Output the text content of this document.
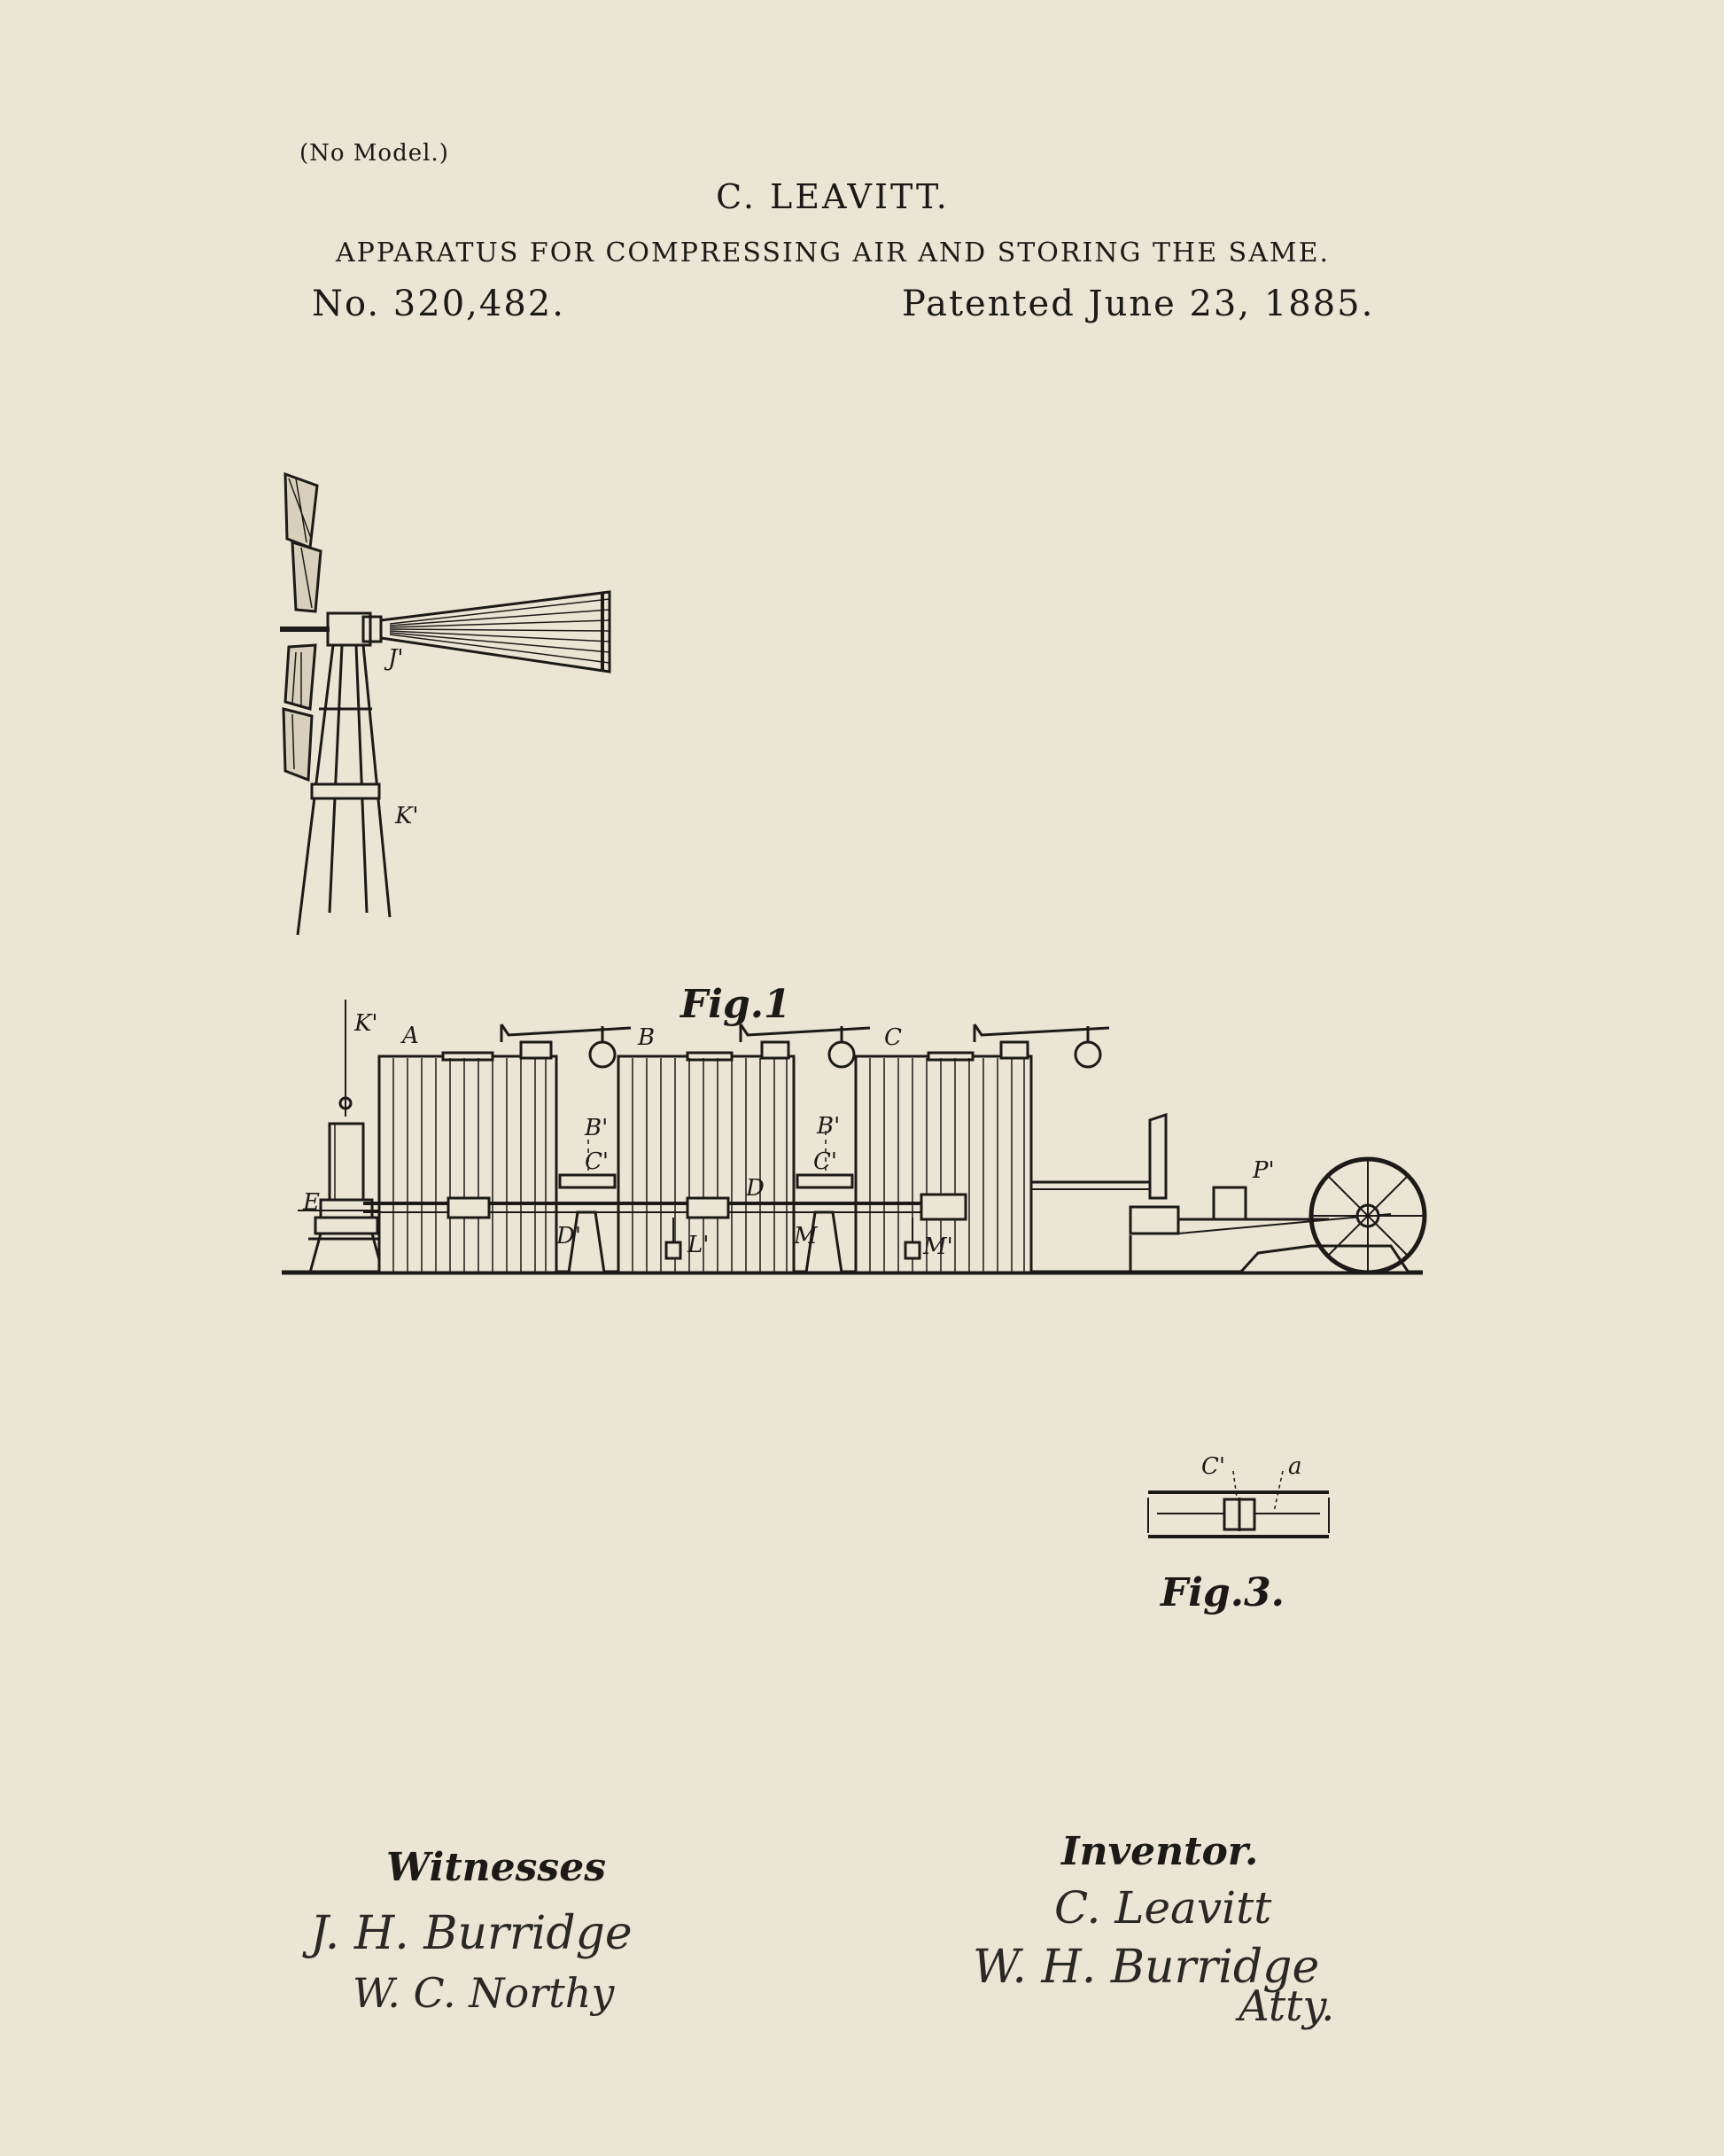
(No Model.)
C. LEAVITT.
APPARATUS FOR COMPRESSING AIR AND STORING THE SAME.
No. 320,482.	Patented June 23, 1885.
J'
K'
K' A	B	C
B'
C'
B'
C'
D
D'
E
L'	M	M'
P'
C'	a
Fig.1
Fig.3.
Witnesses	Inventor.
J. H. Burridge
W. C. Northy
C. Leavitt
W. H. Burridge
Atty.
